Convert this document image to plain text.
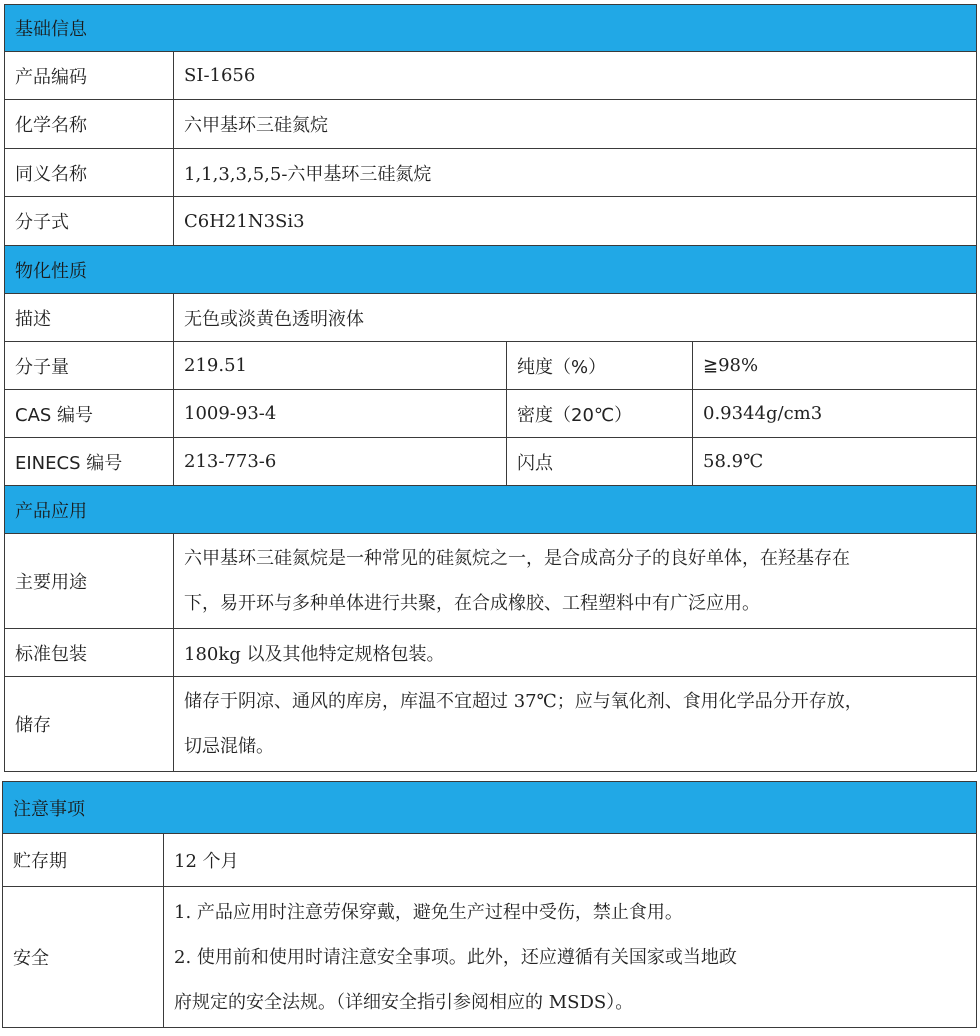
基础信息			
产品编码	SI-1656		
化学名称	六甲基环三硅氮烷		
同义名称	1,1,3,3,5,5-六甲基环三硅氮烷		
分子式	C6H21N3Si3		
物化性质			
描述	无色或淡黄色透明液体		
分子量	219.51	纯度（%）	≧98%
CAS 编号	1009-93-4	密度（20℃）	0.9344g/cm3
EINECS 编号	213-773-6	闪点	58.9℃
产品应用			
主要用途	六甲基环三硅氮烷是一种常见的硅氮烷之一，是合成高分子的良好单体，在羟基存在
下，易开环与多种单体进行共聚，在合成橡胶、工程塑料中有广泛应用。		

标准包装	180kg 以及其他特定规格包装。		
储存	储存于阴凉、通风的库房，库温不宜超过 37℃；应与氧化剂、食用化学品分开存放，
切忌混储。		
注意事项	
贮存期	12 个月
安全	1. 产品应用时注意劳保穿戴，避免生产过程中受伤，禁止食用。
2. 使用前和使用时请注意安全事项。此外，还应遵循有关国家或当地政
府规定的安全法规。（详细安全指引参阅相应的 MSDS）。
